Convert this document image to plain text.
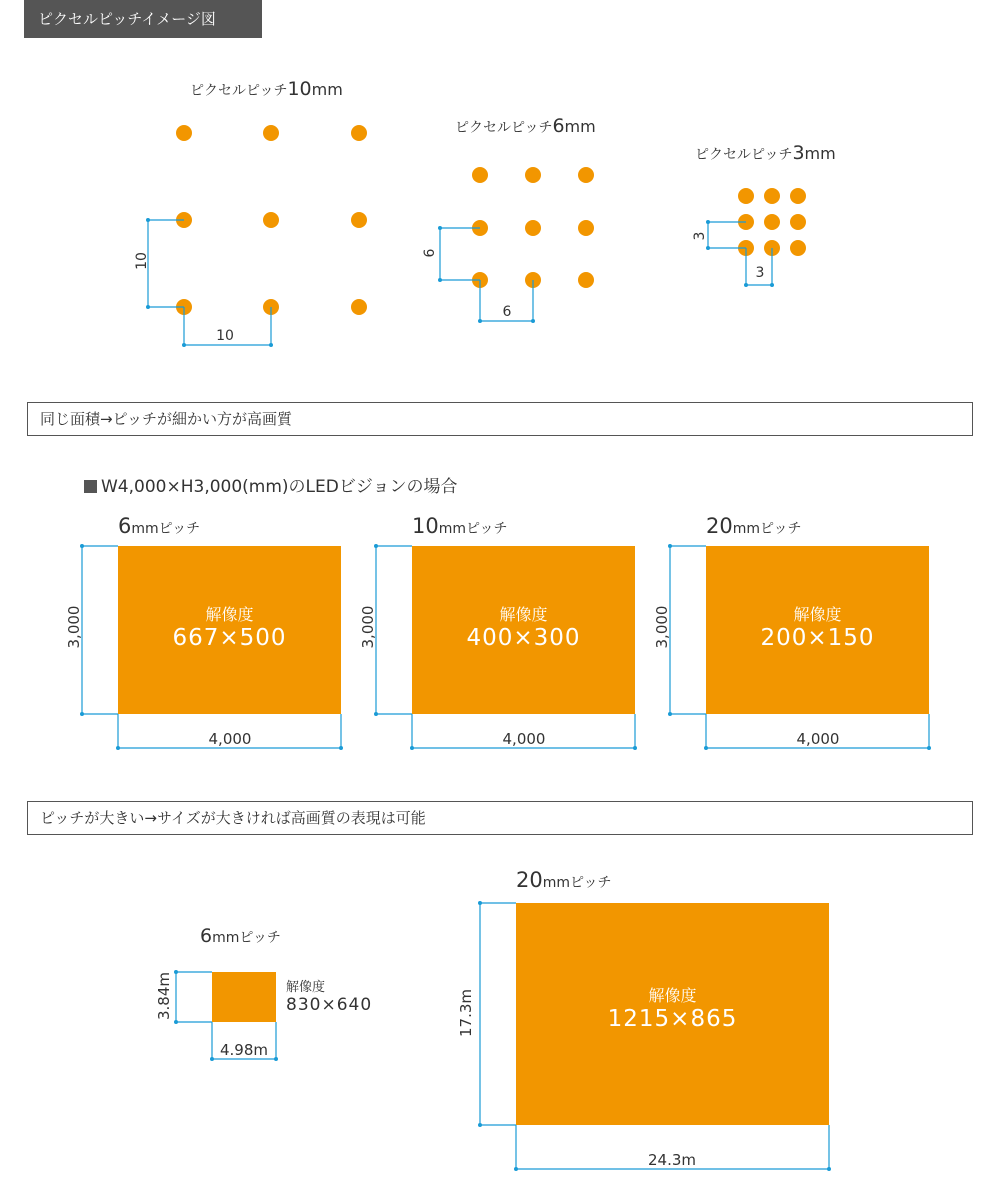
ピクセルピッチイメージ図
ピクセルピッチ10mm
ピクセルピッチ6mm
ピクセルピッチ3mm
10
10
6
6
3
3
同じ面積→ピッチが細かい方が高画質
W4,000×H3,000(mm)のLEDビジョンの場合
6mmピッチ
解像度
667×500
3,000
4,000
10mmピッチ
解像度
400×300
3,000
4,000
20mmピッチ
解像度
200×150
3,000
4,000
ピッチが大きい→サイズが大きければ高画質の表現は可能
6mmピッチ
解像度
830×640
3.84m
4.98m
20mmピッチ
解像度
1215×865
17.3m
24.3m
